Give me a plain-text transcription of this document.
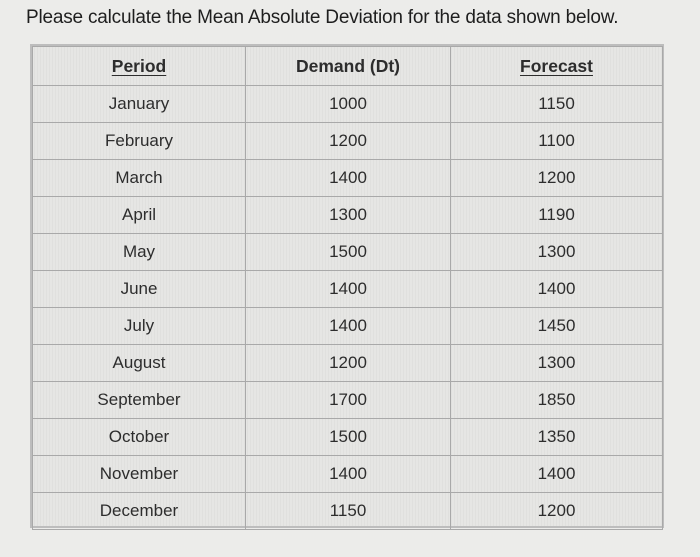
Please calculate the Mean Absolute Deviation for the data shown below.
Period	Demand (Dt)	Forecast
January	1000	1150
February	1200	1100
March	1400	1200
April	1300	1190
May	1500	1300
June	1400	1400
July	1400	1450
August	1200	1300
September	1700	1850
October	1500	1350
November	1400	1400
December	1150	1200
